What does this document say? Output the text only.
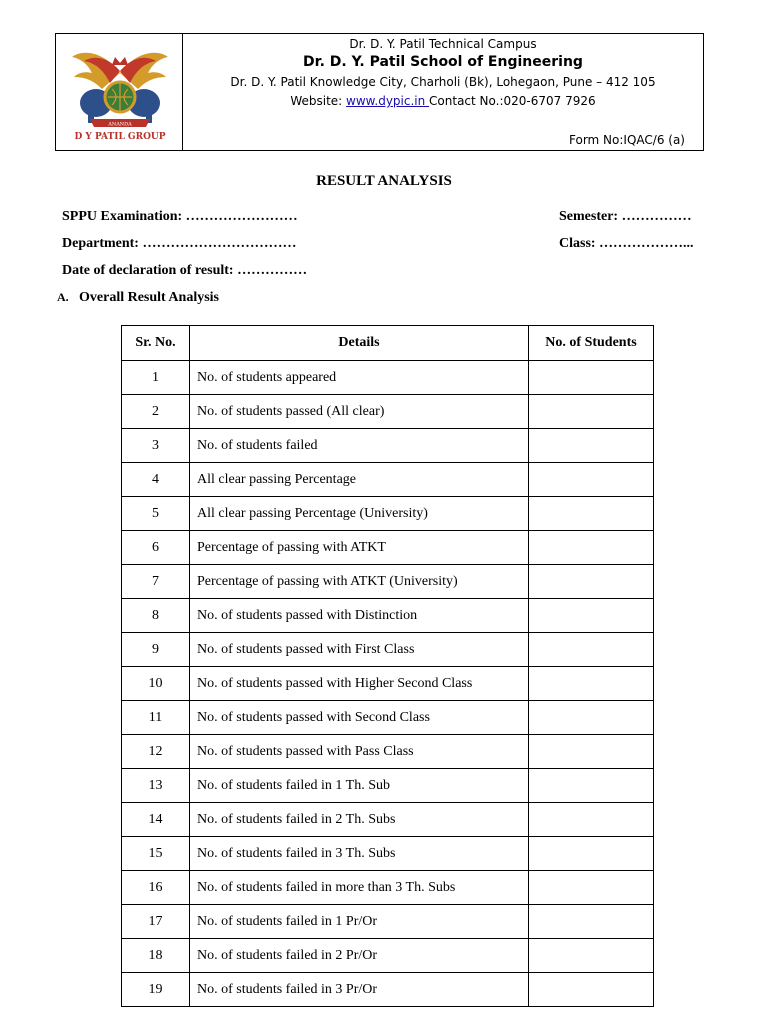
ANANDA
D Y PATIL GROUP
Dr. D. Y. Patil Technical Campus
Dr. D. Y. Patil School of Engineering
Dr. D. Y. Patil Knowledge City, Charholi (Bk), Lohegaon, Pune – 412 105
Website: www.dypic.in Contact No.:020-6707 7926
Form No:IQAC/6 (a)
RESULT ANALYSIS
SPPU Examination: ……………………	Semester: ……………
Department: ……………………………	Class: ………………...
Date of declaration of result: ……………
A. Overall Result Analysis
Sr. No.	Details	No. of Students
1	No. of students appeared	
2	No. of students passed (All clear)	
3	No. of students failed	
4	All clear passing Percentage	
5	All clear passing Percentage (University)	
6	Percentage of passing with ATKT	
7	Percentage of passing with ATKT (University)	
8	No. of students passed with Distinction	
9	No. of students passed with First Class	
10	No. of students passed with Higher Second Class	
11	No. of students passed with Second Class	
12	No. of students passed with Pass Class	
13	No. of students failed in 1 Th. Sub	
14	No. of students failed in 2 Th. Subs	
15	No. of students failed in 3 Th. Subs	
16	No. of students failed in more than 3 Th. Subs	
17	No. of students failed in 1 Pr/Or	
18	No. of students failed in 2 Pr/Or	
19	No. of students failed in 3 Pr/Or	
